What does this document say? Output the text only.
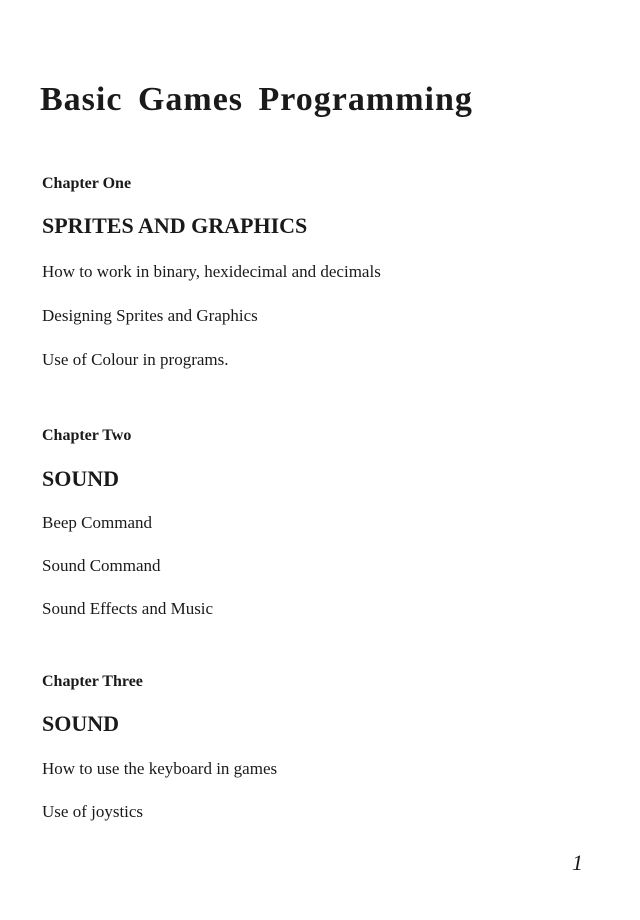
Basic Games Programming
Chapter One
SPRITES AND GRAPHICS
How to work in binary, hexidecimal and decimals
Designing Sprites and Graphics
Use of Colour in programs.
Chapter Two
SOUND
Beep Command
Sound Command
Sound Effects and Music
Chapter Three
SOUND
How to use the keyboard in games
Use of joystics
1
